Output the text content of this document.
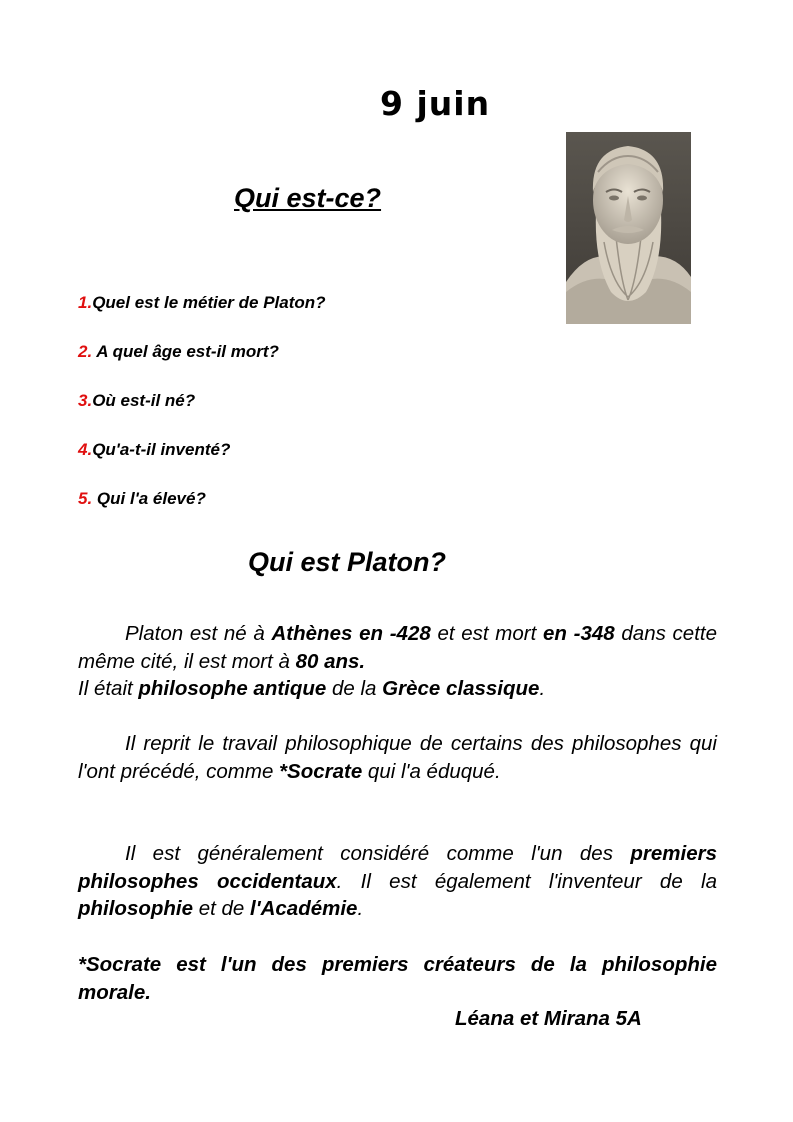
9 juin
Qui est-ce?
1.Quel est le métier de Platon?
2. A quel âge est-il mort?
3.Où est-il né?
4.Qu'a-t-il inventé?
5. Qui l'a élevé?
Qui est Platon?

Platon est né à Athènes en -428 et est mort en -348 dans cette même cité, il est mort à 80 ans.

Il était philosophe antique de la Grèce classique.

Il reprit le travail philosophique de certains des philosophes qui l'ont précédé, comme *Socrate qui l'a éduqué.

Il est généralement considéré comme l'un des premiers philosophes occidentaux. Il est également l'inventeur de la philosophie et de l'Académie.

*Socrate est l'un des premiers créateurs de la philosophie morale.

Léana et Mirana 5A
